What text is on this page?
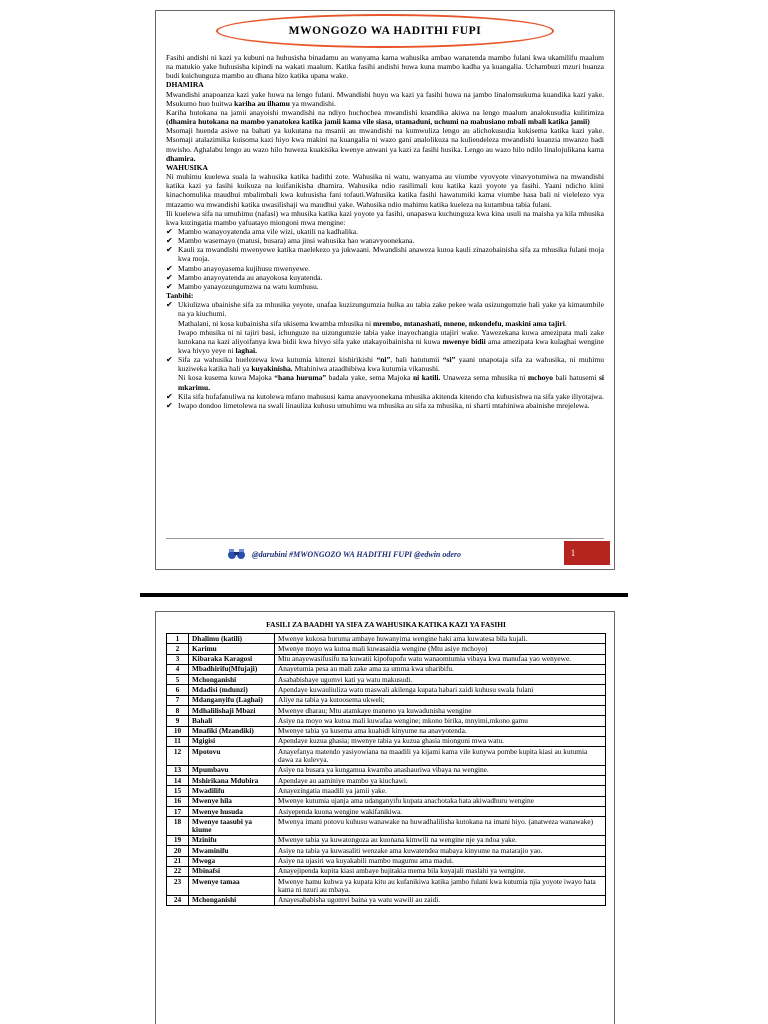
MWONGOZO WA HADITHI FUPI

Fasihi andishi ni kazi ya kubuni na huhusisha binadamu au wanyama kama wahusika ambao wanatenda mambo fulani kwa ukamilifu maalum na matukio yake huhusisha kipindi na wakati maalum. Katika fasihi andishi huwa kuna mambo kadha ya kuangalia. Uchambuzi mzuri huanza budi kuichunguza mambo au dhana hizo katika upana wake.

DHAMIRA

Mwandishi anapoanza kazi yake huwa na lengo fulani. Mwandishi huyu wa kazi ya fasihi huwa na jambo linalomsukuma kuandika kazi yake. Msukumo huo huitwa kariha au ilhamu ya mwandishi.

Kariha hutokana na jamii anayoishi mwandishi na ndiyo huchochea mwandishi kuandika akiwa na lengo maalum analokusudia kulitimiza (dhamira hutokana na mambo yanatokea katika jamii kama vile siasa, utamaduni, uchumi na mahusiano mbali mbali katika jamii)

Msomaji huenda asiwe na bahati ya kukutana na msanii au mwandishi na kumwuliza lengo au alichokusudia kukisema katika kazi yake. Msomaji atalazimika kuisoma kazi hiyo kwa makini na kuangalia ni wazo gani analolikuza na kuliendeleza mwandishi kuanzia mwanzo hadi mwisho. Aghalabu lengo au wazo hilo huweza kuakisika kwenye anwani ya kazi za fasihi husika. Lengo au wazo hilo ndilo linalojulikana kama dhamira.

WAHUSIKA

Ni muhimu kuelewa suala la wahusika katika hadithi zote. Wahusika ni watu, wanyama au viumbe vyovyote vinavyotumiwa na mwandishi katika kazi ya fasihi kuikuza na kuifanikisha dhamira. Wahusika ndio rasilimali kuu katika kazi yoyote ya fasihi. Yaani ndicho kiini kinachomulika maudhui mbalimbali kwa kuhusisha fani tofauti.Wahusika katika fasihi hawatumiki kama viumbe hasa bali ni vielelezo vya mtazamo wa mwandishi katika uwasilishaji wa maudhui yake. Wahusika ndio mahimu katika kueleza na kutambua tabia fulani.

Ili kuelewa sifa na umuhimu (nafasi) wa mhusika katika kazi yoyote ya fasihi, unapaswa kuchunguza kwa kina usuli na maisha ya kila mhusika kwa kuzingatia mambo yafuatayo miongoni mwa mengine:

✔ Mambo wanayoyatenda ama vile wizi, ukatili na kadhalika.
✔ Mambo wasemayo (matusi, busara) ama jinsi wahusika hao wanavyoonekana.
✔ Kauli za mwandishi mwenyewe katika maelekezo ya jukwaani. Mwandishi anaweza kutoa kauli zinazobainisha sifa za mhusika fulani moja kwa moja.
✔ Mambo anayoyasema kujihusu mwenyewe.
✔ Mambo anayoyatenda au anayokosa kuyatenda.
✔ Mambo yanayozungumzwa na watu kumhusu.

Tanbihi:

✔ Ukiulizwa ubainishe sifa za mhusika yeyote, unafaa kuzizungumzia hulka au tabia zake pekee wala usizungumzie hali yake ya kimaumbile na ya kiuchumi.
Mathalani, ni kosa kubainisha sifa ukisema kwamba mhusika ni mrembo, mtanashati, mnene, mkondefu, maskini ama tajiri.
Iwapo mhusika ni ni tajiri basi, ichunguze na uizungumzie tabia yake inayochangia utajiri wake. Yawezekana kuwa amezipata mali zake kutokana na kazi aliyoifanya kwa bidii kwa hivyo sifa yake utakayoibainisha ni kuwa mwenye bidii ama amezipata kwa kulaghai wengine kwa hivyo yeye ni laghai.
✔ Sifa za wahusika huelezewa kwa kutumia kitenzi kishirikishi “ni”, bali hatutumii “si” yaani unapotaja sifa za wahusika, ni muhimu kuziweka katika hali ya kuyakinisha. Mtahiniwa ataadhibiwa kwa kutumia vikanushi.
Ni kosa kusema kuwa Majoka “hana huruma” badala yake, sema Majoka ni katili. Unaweza sema mhusika ni mchoyo bali hatusemi si mkarimu.
✔ Kila sifa hufafanuliwa na kutolewa mfano mahususi kama anavyoonekana mhusika akitenda kitendo cha kuhusishwa na sifa yake iliyotajwa.
✔ Iwapo dondoo limetolewa na swali linauliza kuhusu umuhimu wa mhusika au sifa za mhusika, ni sharti mtahiniwa abainishe mrejelewa.
@darubini #MWONGOZO WA HADITHI FUPI @edwin odero	1
FASILI ZA BAADHI YA SIFA ZA WAHUSIKA KATIKA KAZI YA FASIHI
1	Dhalimu (katili)	Mwenye kukosa huruma ambaye huwanyima wengine haki ama kuwatesa bila kujali.
2	Karimu	Mwenye moyo wa kutoa mali kuwasaidia wengine (Mtu asiye mchoyo)
3	Kibaraka Karagosi	Mtu anayewasifusifu na kuwatii kipofupofu watu wanaomtumia vibaya kwa manufaa yao wenyewe.
4	Mbadhirifu(Mfujaji)	Anayetumia pesa au mali zake ama za umma kwa uharibifu.
5	Mchonganishi	Asababishaye ugomvi kati ya watu makusudi.
6	Mdadisi (mdunzi)	Apendaye kuwauliuliza watu maswali akilenga kupata habari zaidi kuhusu swala fulani
7	Mdanganyifu (Laghai)	Aliye na tabia ya kutoosema ukweli;
8	Mdhalilishaji Mbazi	Mwenye dharau; Mtu atamkaye maneno ya kuwadunisha wengine
9	Bahali	Asiye na moyo wa kutoa mali kuwafaa wengine; mkono birika, mnyimi,mkono gamu
10	Mnafiki (Mzandiki)	Mwenye tabia ya kusema ama kuahidi kinyume na anavyotenda.
11	Mgigisi	Apendaye kuzua ghasia; mwenye tabia ya kuzua ghasia miongoni mwa watu.
12	Mpotovu	Anayefanya matendo yasiyowiana na maadili ya kijami kama vile kunywa pombe kupita kiasi au kutumia dawa za kulevya.
13	Mpumbavu	Asiye na busara ya kungamua kwamba anashauriwa vibaya na wengine.
14	Mshirikana Mdubira	Apendaye au aaminiye mambo ya kiuchawi.
15	Mwadilifu	Anayezingatia maadili ya jamii yake.
16	Mwenye hila	Mwenye kutumia ujanja ama udanganyifu kupata anachotaka hata akiwadhuru wengine
17	Mwenye husuda	Asiyependa kuona wengine wakifanikiwa.
18	Mwenye taasubi ya kiume	Mwenya imani potovu kuhusu wanawake na huwadhalilisha kutokana na imani hiyo. (anatweza wanawake)
19	Mzinifu	Mwenye tabia ya kuwatongoza au kuonana kimwili na wengine nje ya ndoa yake.
20	Mwaminifu	Asiye na tabia ya kuwasaliti wenzake ama kuwatendea mabaya kinyume na matarajio yao.
21	Mwoga	Asiye na ujasiri wa kuyakabili mambo magumu ama madui.
22	Mbinafsi	Anayejipenda kupita kiasi ambaye hujitakia mema bila kuyajali maslahi ya wengine.
23	Mwenye tamaa	Mwenye hamu kubwa ya kupata kitu au kufanikiwa katika jambo fulani kwa kutumia njia yoyote iwayo hata kama ni nzuri au mbaya.
24	Mchonganishi	Anayesababisha ugomvi baina ya watu wawili au zaidi.
